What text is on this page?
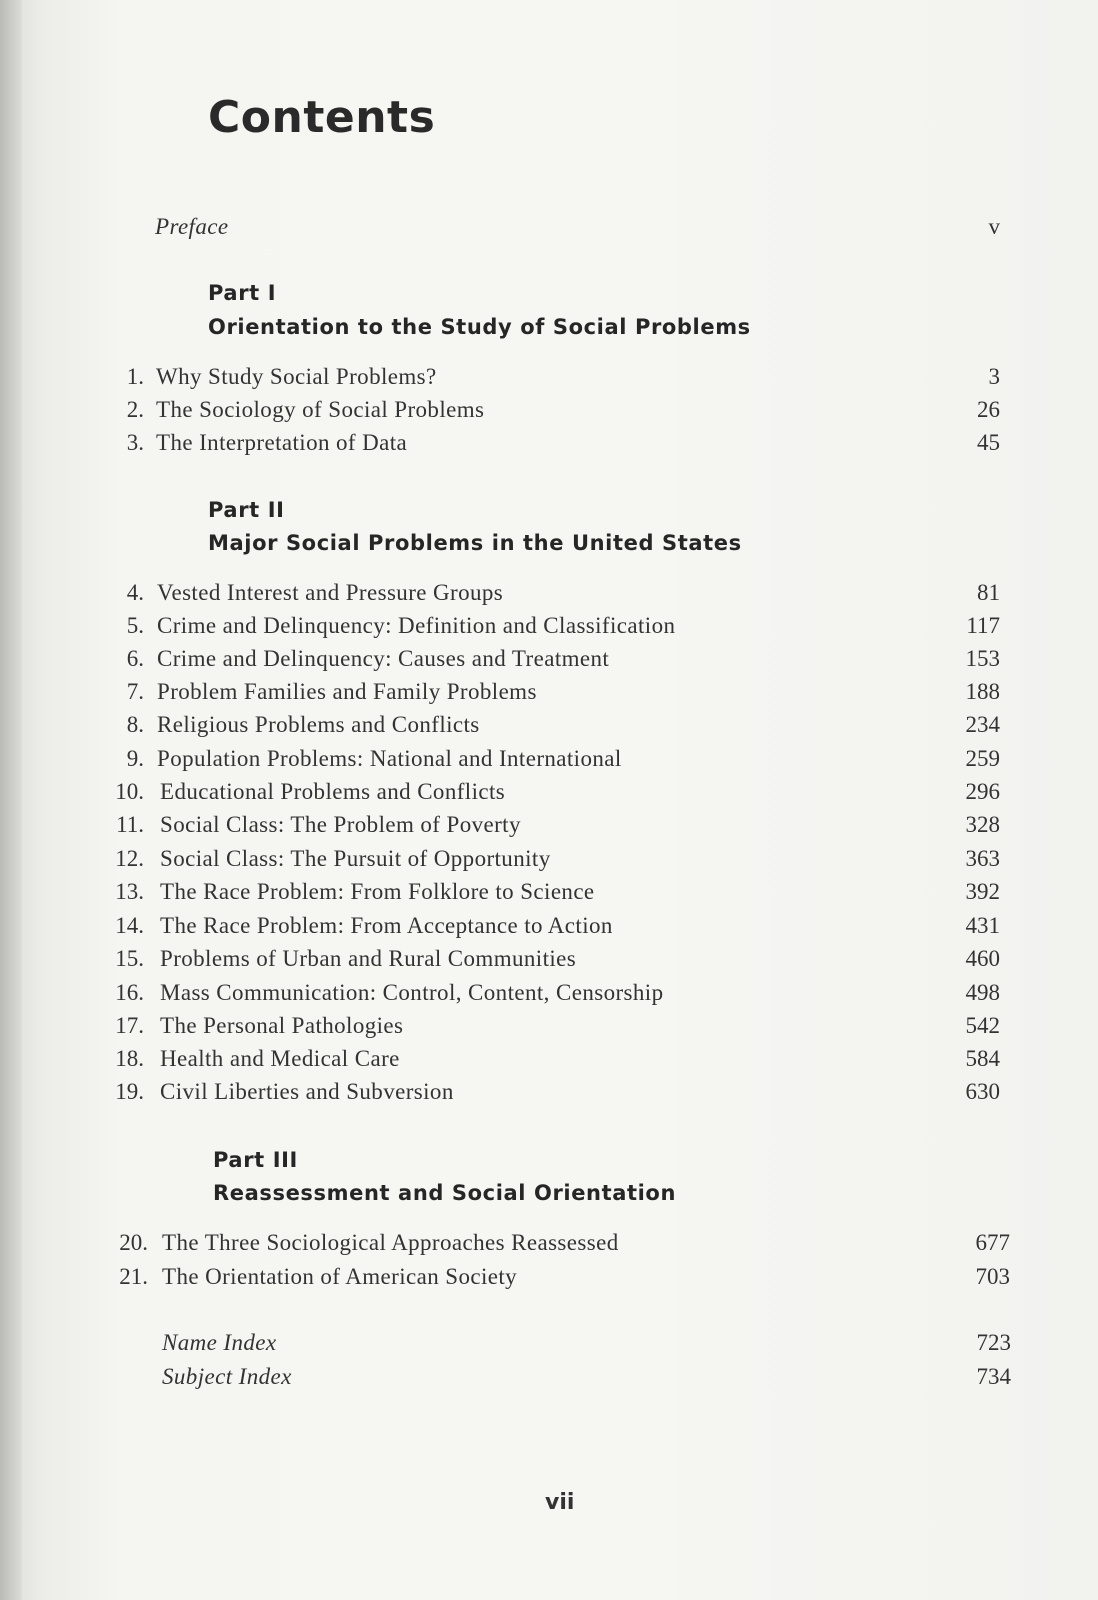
Contents
Preface	v
Part I
Orientation to the Study of Social Problems
1. Why Study Social Problems?	3
2. The Sociology of Social Problems	26
3. The Interpretation of Data	45
Part II
Major Social Problems in the United States
4. Vested Interest and Pressure Groups	81
5. Crime and Delinquency: Definition and Classification	117
6. Crime and Delinquency: Causes and Treatment	153
7. Problem Families and Family Problems	188
8. Religious Problems and Conflicts	234
9. Population Problems: National and International	259
10. Educational Problems and Conflicts	296
11. Social Class: The Problem of Poverty	328
12. Social Class: The Pursuit of Opportunity	363
13. The Race Problem: From Folklore to Science	392
14. The Race Problem: From Acceptance to Action	431
15. Problems of Urban and Rural Communities	460
16. Mass Communication: Control, Content, Censorship	498
17. The Personal Pathologies	542
18. Health and Medical Care	584
19. Civil Liberties and Subversion	630
Part III
Reassessment and Social Orientation
20. The Three Sociological Approaches Reassessed	677
21. The Orientation of American Society	703
Name Index	723
Subject Index	734
vii
